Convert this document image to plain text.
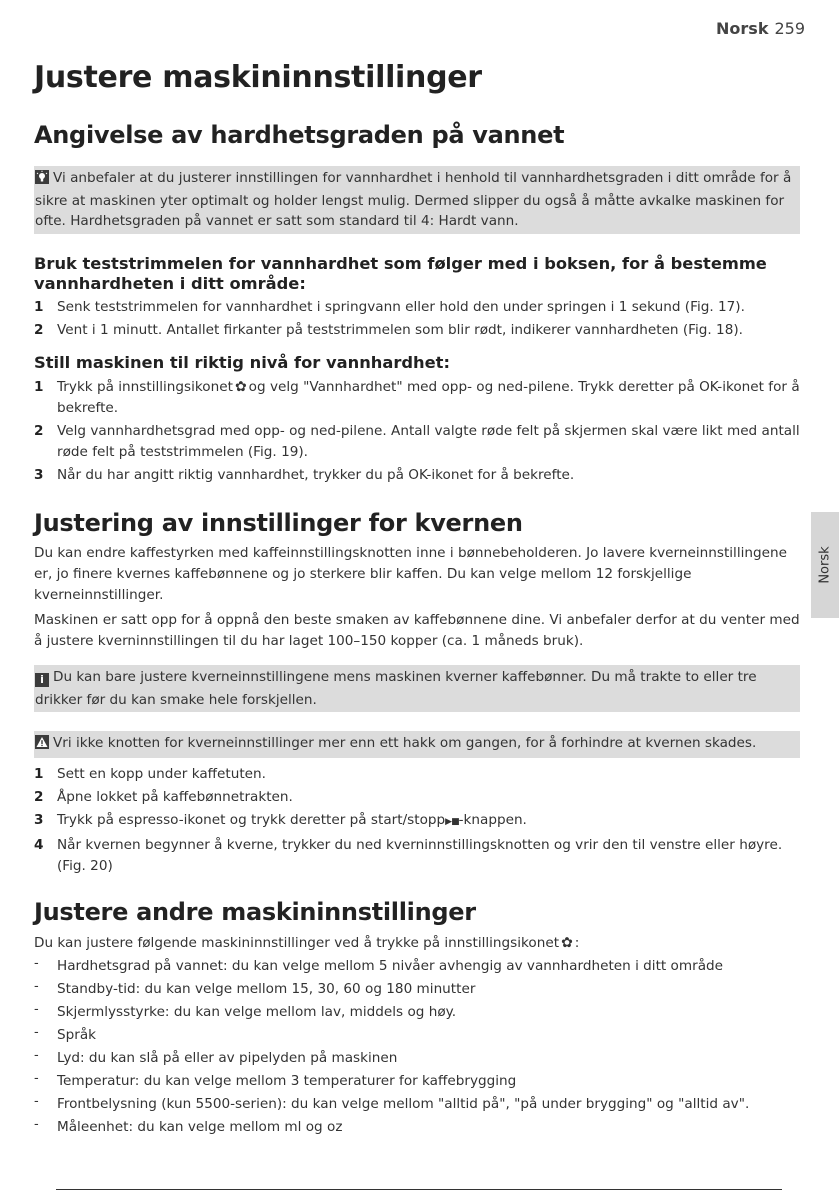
Norsk 259
Norsk
Justere maskininnstillinger
Angivelse av hardhetsgraden på vannet
Vi anbefaler at du justerer innstillingen for vannhardhet i henhold til vannhardhetsgraden i ditt område for å sikre at maskinen yter optimalt og holder lengst mulig. Dermed slipper du også å måtte avkalke maskinen for ofte. Hardhetsgraden på vannet er satt som standard til 4: Hardt vann.
Bruk teststrimmelen for vannhardhet som følger med i boksen, for å bestemme vannhardheten i ditt område:
1 Senk teststrimmelen for vannhardhet i springvann eller hold den under springen i 1 sekund (Fig. 17).
2 Vent i 1 minutt. Antallet firkanter på teststrimmelen som blir rødt, indikerer vannhardheten (Fig. 18).
Still maskinen til riktig nivå for vannhardhet:
1 Trykk på innstillingsikonet ✿ og velg "Vannhardhet" med opp- og ned-pilene. Trykk deretter på OK-ikonet for å bekrefte.
2 Velg vannhardhetsgrad med opp- og ned-pilene. Antall valgte røde felt på skjermen skal være likt med antall røde felt på teststrimmelen (Fig. 19).
3 Når du har angitt riktig vannhardhet, trykker du på OK-ikonet for å bekrefte.
Justering av innstillinger for kvernen
Du kan endre kaffestyrken med kaffeinnstillingsknotten inne i bønnebeholderen. Jo lavere kverneinnstillingene er, jo finere kvernes kaffebønnene og jo sterkere blir kaffen. Du kan velge mellom 12 forskjellige kverneinnstillinger.
Maskinen er satt opp for å oppnå den beste smaken av kaffebønnene dine. Vi anbefaler derfor at du venter med å justere kverninnstillingen til du har laget 100–150 kopper (ca. 1 måneds bruk).
i Du kan bare justere kverneinnstillingene mens maskinen kverner kaffebønner. Du må trakte to eller tre drikker før du kan smake hele forskjellen.
Vri ikke knotten for kverneinnstillinger mer enn ett hakk om gangen, for å forhindre at kvernen skades.
1 Sett en kopp under kaffetuten.
2 Åpne lokket på kaffebønnetrakten.
3 Trykk på espresso-ikonet og trykk deretter på start/stopp▶■-knappen.
4 Når kvernen begynner å kverne, trykker du ned kverninnstillingsknotten og vrir den til venstre eller høyre. (Fig. 20)
Justere andre maskininnstillinger
Du kan justere følgende maskininnstillinger ved å trykke på innstillingsikonet ✿ :
- Hardhetsgrad på vannet: du kan velge mellom 5 nivåer avhengig av vannhardheten i ditt område
- Standby-tid: du kan velge mellom 15, 30, 60 og 180 minutter
- Skjermlysstyrke: du kan velge mellom lav, middels og høy.
- Språk
- Lyd: du kan slå på eller av pipelyden på maskinen
- Temperatur: du kan velge mellom 3 temperaturer for kaffebrygging
- Frontbelysning (kun 5500-serien): du kan velge mellom "alltid på", "på under brygging" og "alltid av".
- Måleenhet: du kan velge mellom ml og oz
